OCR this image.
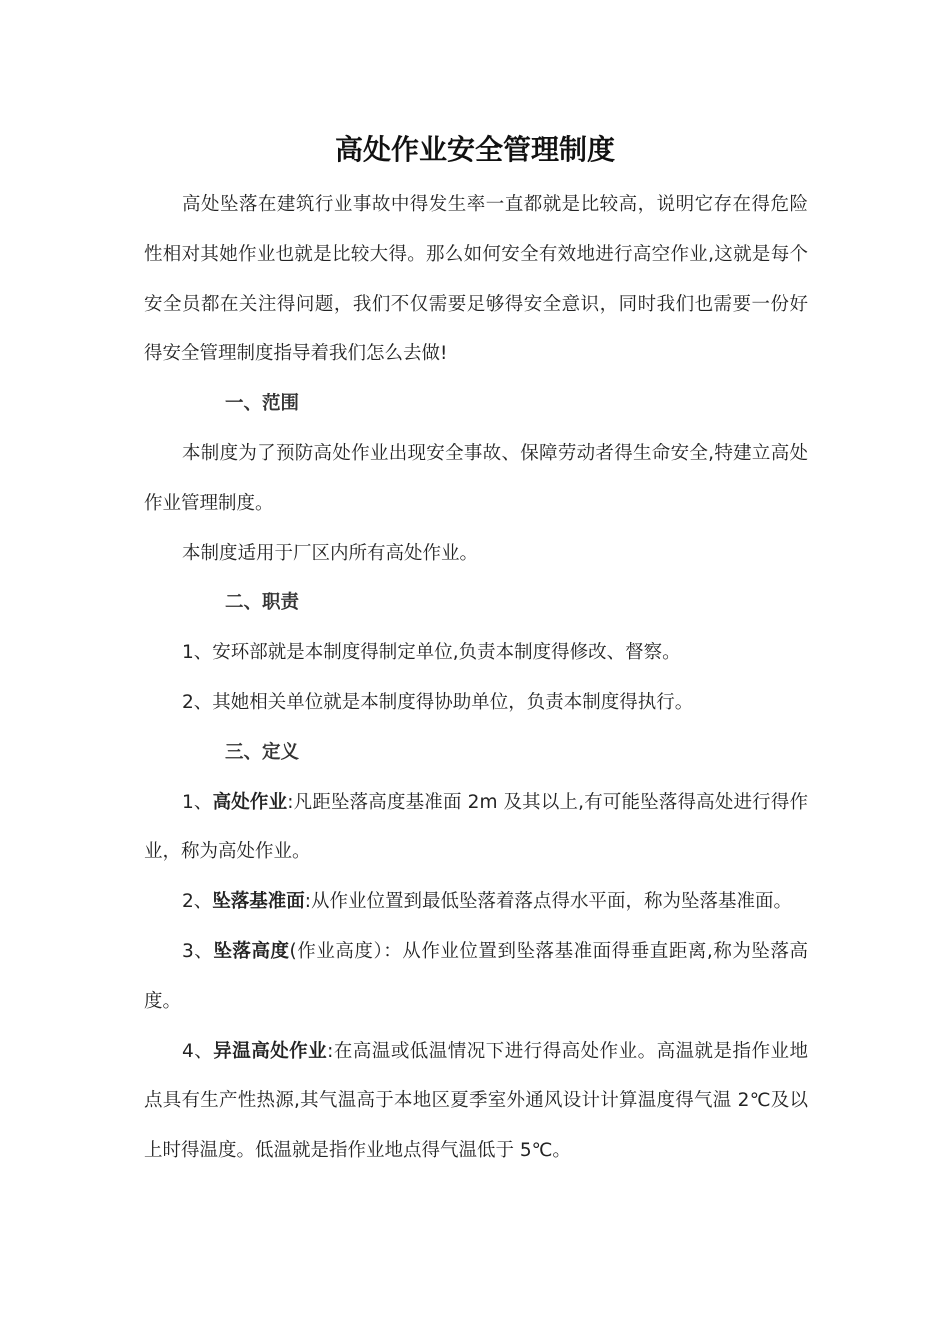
高处作业安全管理制度

高处坠落在建筑行业事故中得发生率一直都就是比较高，说明它存在得危险性相对其她作业也就是比较大得。那么如何安全有效地进行高空作业,这就是每个安全员都在关注得问题，我们不仅需要足够得安全意识，同时我们也需要一份好得安全管理制度指导着我们怎么去做!

一、范围

本制度为了预防高处作业出现安全事故、保障劳动者得生命安全,特建立高处作业管理制度。

本制度适用于厂区内所有高处作业。

二、职责

1、安环部就是本制度得制定单位,负责本制度得修改、督察。

2、其她相关单位就是本制度得协助单位，负责本制度得执行。

三、定义

1、高处作业:凡距坠落高度基准面 2m 及其以上,有可能坠落得高处进行得作业，称为高处作业。

2、坠落基准面:从作业位置到最低坠落着落点得水平面，称为坠落基准面。

3、坠落高度(作业高度）：从作业位置到坠落基准面得垂直距离,称为坠落高度。

4、异温高处作业:在高温或低温情况下进行得高处作业。高温就是指作业地点具有生产性热源,其气温高于本地区夏季室外通风设计计算温度得气温 2℃及以上时得温度。低温就是指作业地点得气温低于 5℃。
